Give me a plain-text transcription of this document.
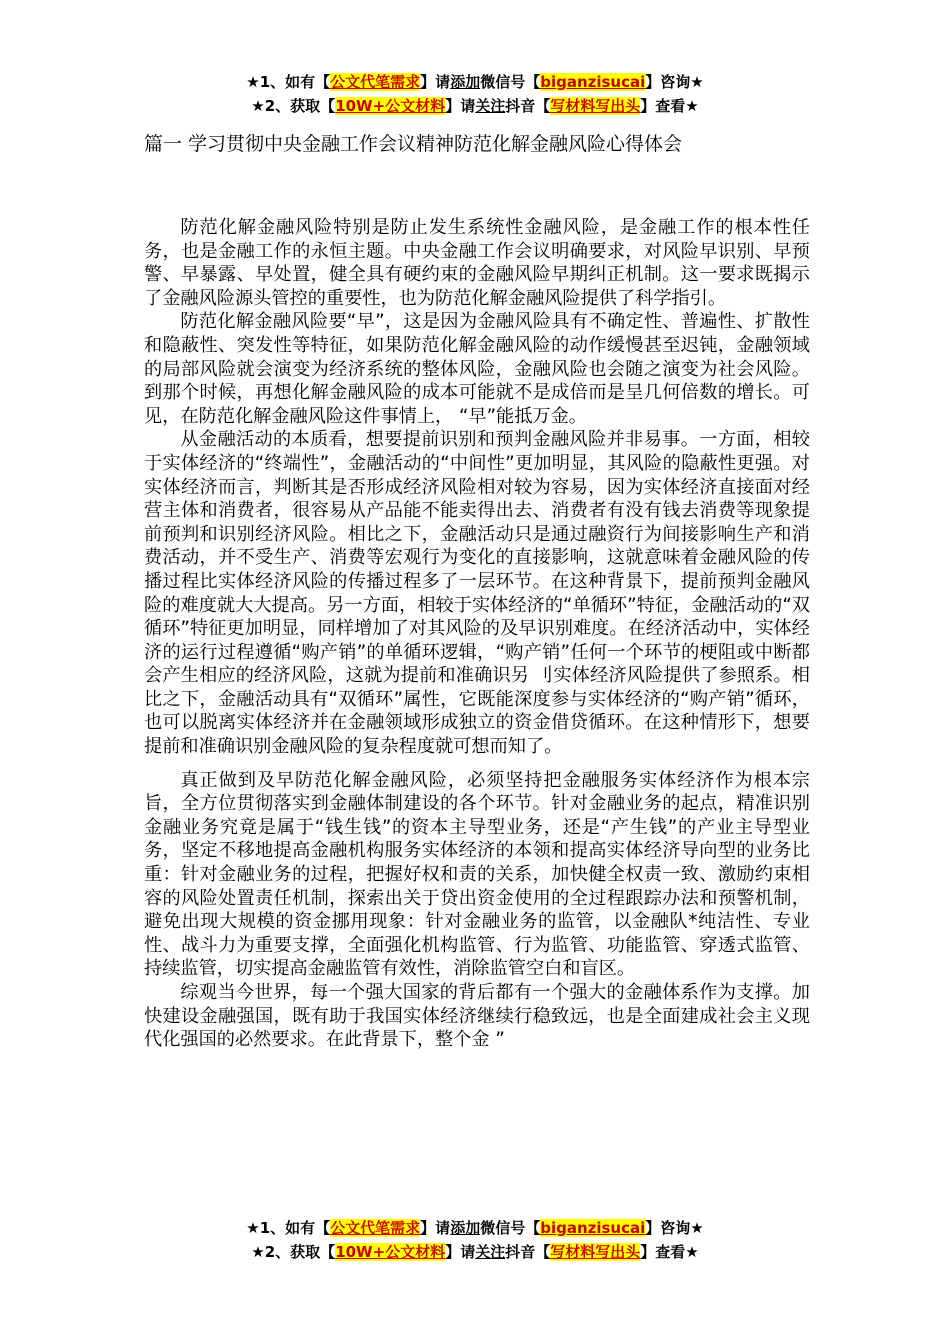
★1、如有【公文代笔需求】请添加微信号【biganzisucai】咨询★
★2、获取【10W+公文材料】请关注抖音【写材料写出头】查看★
篇一 学习贯彻中央金融工作会议精神防范化解金融风险心得体会

防范化解金融风险特别是防止发生系统性金融风险，是金融工作的根本性任务，也是金融工作的永恒主题。中央金融工作会议明确要求，对风险早识别、早预警、早暴露、早处置，健全具有硬约束的金融风险早期纠正机制。这一要求既揭示了金融风险源头管控的重要性，也为防范化解金融风险提供了科学指引。

防范化解金融风险要“早”，这是因为金融风险具有不确定性、普遍性、扩散性和隐蔽性、突发性等特征，如果防范化解金融风险的动作缓慢甚至迟钝，金融领域的局部风险就会演变为经济系统的整体风险，金融风险也会随之演变为社会风险。到那个时候，再想化解金融风险的成本可能就不是成倍而是呈几何倍数的增长。可见，在防范化解金融风险这件事情上， “早”能抵万金。

从金融活动的本质看，想要提前识别和预判金融风险并非易事。一方面，相较于实体经济的“终端性”，金融活动的“中间性”更加明显，其风险的隐蔽性更强。对实体经济而言，判断其是否形成经济风险相对较为容易，因为实体经济直接面对经营主体和消费者，很容易从产品能不能卖得出去、消费者有没有钱去消费等现象提前预判和识别经济风险。相比之下，金融活动只是通过融资行为间接影响生产和消费活动，并不受生产、消费等宏观行为变化的直接影响，这就意味着金融风险的传播过程比实体经济风险的传播过程多了一层环节。在这种背景下，提前预判金融风险的难度就大大提高。另一方面，相较于实体经济的“单循环”特征，金融活动的“双循环”特征更加明显，同样增加了对其风险的及早识别难度。在经济活动中，实体经济的运行过程遵循“购产销”的单循环逻辑，“购产销”任何一个环节的梗阻或中断都会产生相应的经济风险，这就为提前和准确识另 刂实体经济风险提供了参照系。相比之下，金融活动具有“双循环”属性，它既能深度参与实体经济的“购产销”循环，也可以脱离实体经济并在金融领域形成独立的资金借贷循环。在这种情形下，想要提前和准确识别金融风险的复杂程度就可想而知了。

真正做到及早防范化解金融风险，必须坚持把金融服务实体经济作为根本宗旨，全方位贯彻落实到金融体制建设的各个环节。针对金融业务的起点，精准识别金融业务究竟是属于“钱生钱”的资本主导型业务，还是“产生钱”的产业主导型业务，坚定不移地提高金融机构服务实体经济的本领和提高实体经济导向型的业务比重：针对金融业务的过程，把握好权和责的关系，加快健全权责一致、激励约束相容的风险处置责任机制，探索出关于贷出资金使用的全过程跟踪办法和预警机制，避免出现大规模的资金挪用现象：针对金融业务的监管，以金融队*纯洁性、专业性、战斗力为重要支撑，全面强化机构监管、行为监管、功能监管、穿透式监管、持续监管，切实提高金融监管有效性，消除监管空白和盲区。

综观当今世界，每一个强大国家的背后都有一个强大的金融体系作为支撑。加快建设金融强国，既有助于我国实体经济继续行稳致远，也是全面建成社会主义现代化强国的必然要求。在此背景下，整个金 ”

★1、如有【公文代笔需求】请添加微信号【biganzisucai】咨询★
★2、获取【10W+公文材料】请关注抖音【写材料写出头】查看★
